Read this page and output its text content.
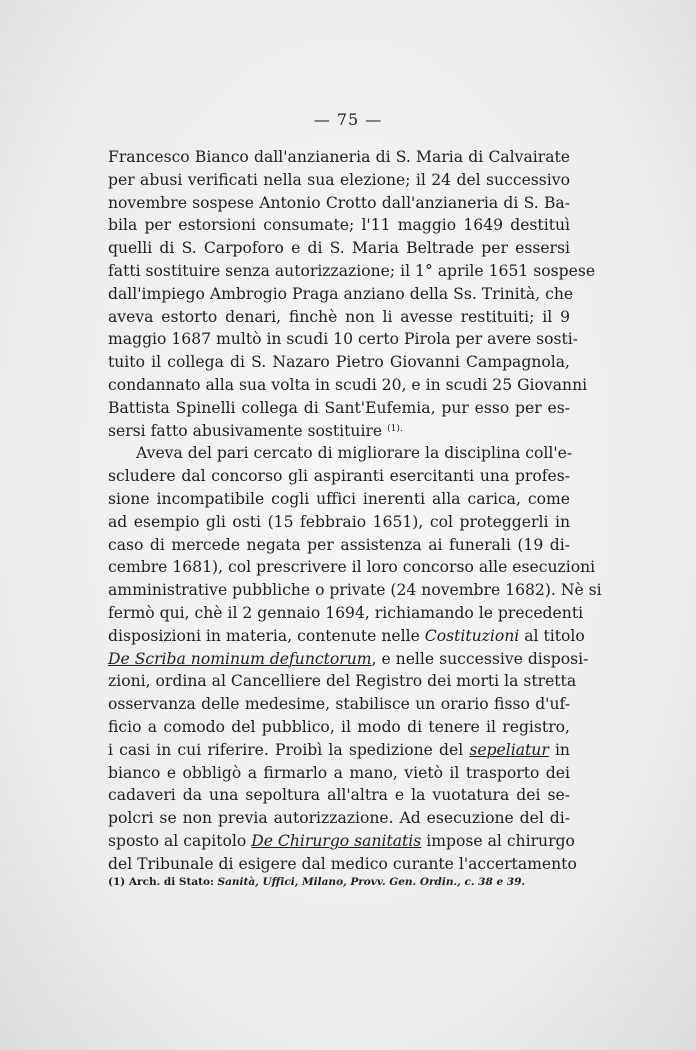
— 75 —

Francesco Bianco dall'anzianeria di S. Maria di Calvairate
per abusi verificati nella sua elezione; il 24 del successivo
novembre sospese Antonio Crotto dall'anzianeria di S. Ba-
bila per estorsioni consumate; l'11 maggio 1649 destituì
quelli di S. Carpoforo e di S. Maria Beltrade per essersi
fatti sostituire senza autorizzazione; il 1° aprile 1651 sospese
dall'impiego Ambrogio Praga anziano della Ss. Trinità, che
aveva estorto denari, finchè non li avesse restituiti; il 9
maggio 1687 multò in scudi 10 certo Pirola per avere sosti-
tuito il collega di S. Nazaro Pietro Giovanni Campagnola,
condannato alla sua volta in scudi 20, e in scudi 25 Giovanni
Battista Spinelli collega di Sant'Eufemia, pur esso per es-
sersi fatto abusivamente sostituire $^{(1).}$

Aveva del pari cercato di migliorare la disciplina coll'e-
scludere dal concorso gli aspiranti esercitanti una profes-
sione incompatibile cogli uffici inerenti alla carica, come
ad esempio gli osti (15 febbraio 1651), col proteggerli in
caso di mercede negata per assistenza ai funerali (19 di-
cembre 1681), col prescrivere il loro concorso alle esecuzioni
amministrative pubbliche o private (24 novembre 1682). Nè si
fermò qui, chè il 2 gennaio 1694, richiamando le precedenti
disposizioni in materia, contenute nelle Costituzioni al titolo
De Scriba nominum defunctorum, e nelle successive disposi-
zioni, ordina al Cancelliere del Registro dei morti la stretta
osservanza delle medesime, stabilisce un orario fisso d'uf-
ficio a comodo del pubblico, il modo di tenere il registro,
i casi in cui riferire. Proibì la spedizione del sepeliatur in
bianco e obbligò a firmarlo a mano, vietò il trasporto dei
cadaveri da una sepoltura all'altra e la vuotatura dei se-
polcri se non previa autorizzazione. Ad esecuzione del di-
sposto al capitolo De Chirurgo sanitatis impose al chirurgo
del Tribunale di esigere dal medico curante l'accertamento

(1) Arch. di Stato: Sanità, Uffici, Milano, Provv. Gen. Ordin., c. 38 e 39.
